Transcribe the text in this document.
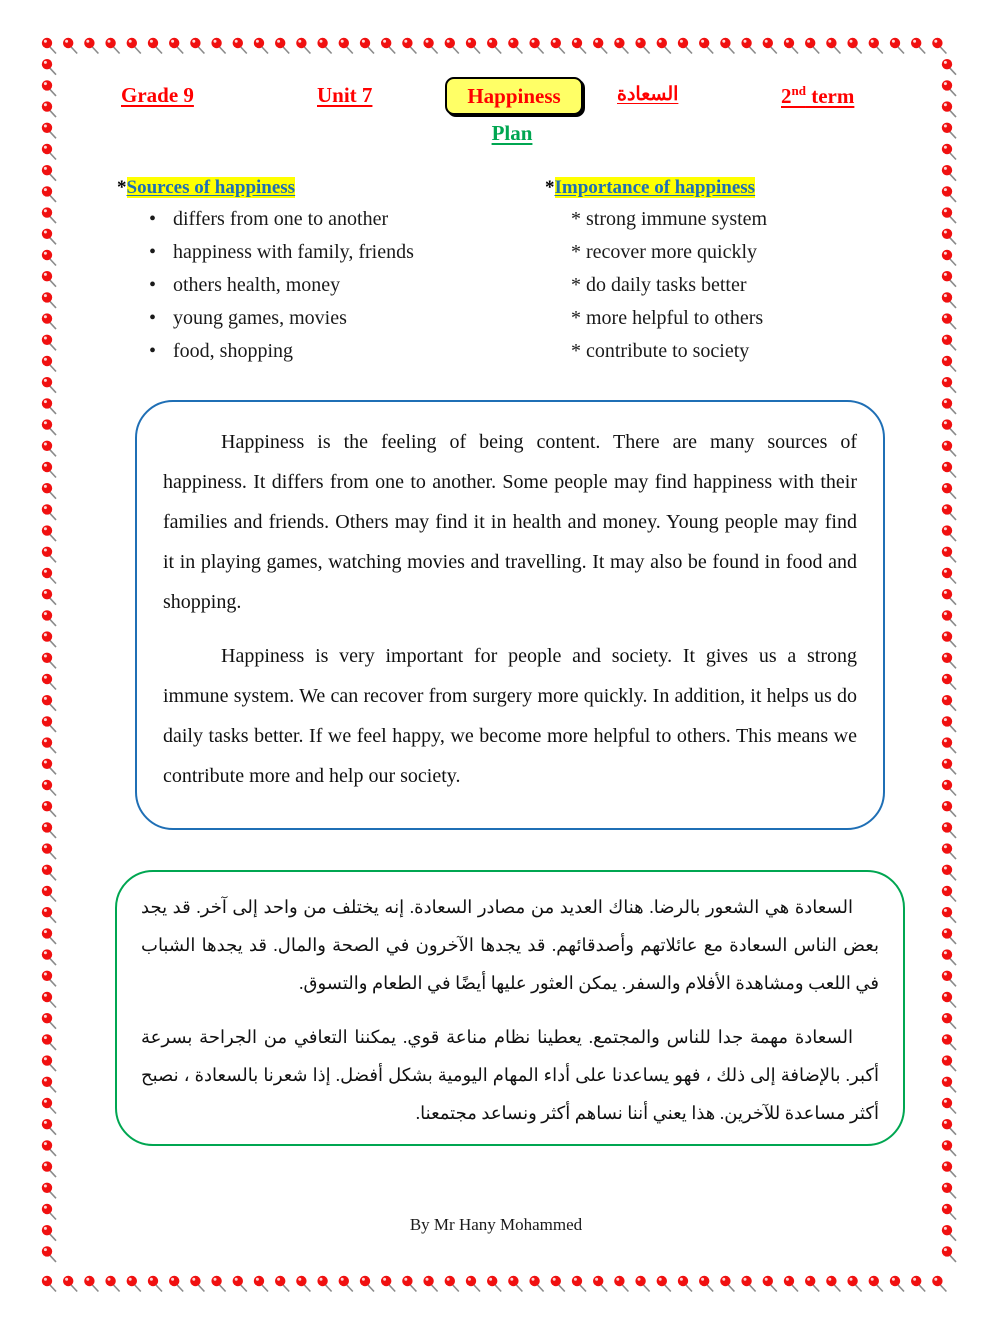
Grade 9	Unit 7	Happiness	السعادة	2nd term
Plan
*Sources of happiness
• differs from one to another
• happiness with family, friends
• others health, money
• young games, movies
• food, shopping
*Importance of happiness
* strong immune system
* recover more quickly
* do daily tasks better
* more helpful to others
* contribute to society

Happiness is the feeling of being content. There are many sources of happiness. It differs from one to another. Some people may find happiness with their families and friends. Others may find it in health and money. Young people may find it in playing games, watching movies and travelling. It may also be found in food and shopping.

Happiness is very important for people and society. It gives us a strong immune system. We can recover from surgery more quickly. In addition, it helps us do daily tasks better. If we feel happy, we become more helpful to others. This means we contribute more and help our society.

السعادة هي الشعور بالرضا. هناك العديد من مصادر السعادة. إنه يختلف من واحد إلى آخر. قد يجد بعض الناس السعادة مع عائلاتهم وأصدقائهم. قد يجدها الآخرون في الصحة والمال. قد يجدها الشباب في اللعب ومشاهدة الأفلام والسفر. يمكن العثور عليها أيضًا في الطعام والتسوق.

السعادة مهمة جدا للناس والمجتمع. يعطينا نظام مناعة قوي. يمكننا التعافي من الجراحة بسرعة أكبر. بالإضافة إلى ذلك ، فهو يساعدنا على أداء المهام اليومية بشكل أفضل. إذا شعرنا بالسعادة ، نصبح أكثر مساعدة للآخرين. هذا يعني أننا نساهم أكثر ونساعد مجتمعنا.

By Mr Hany Mohammed
